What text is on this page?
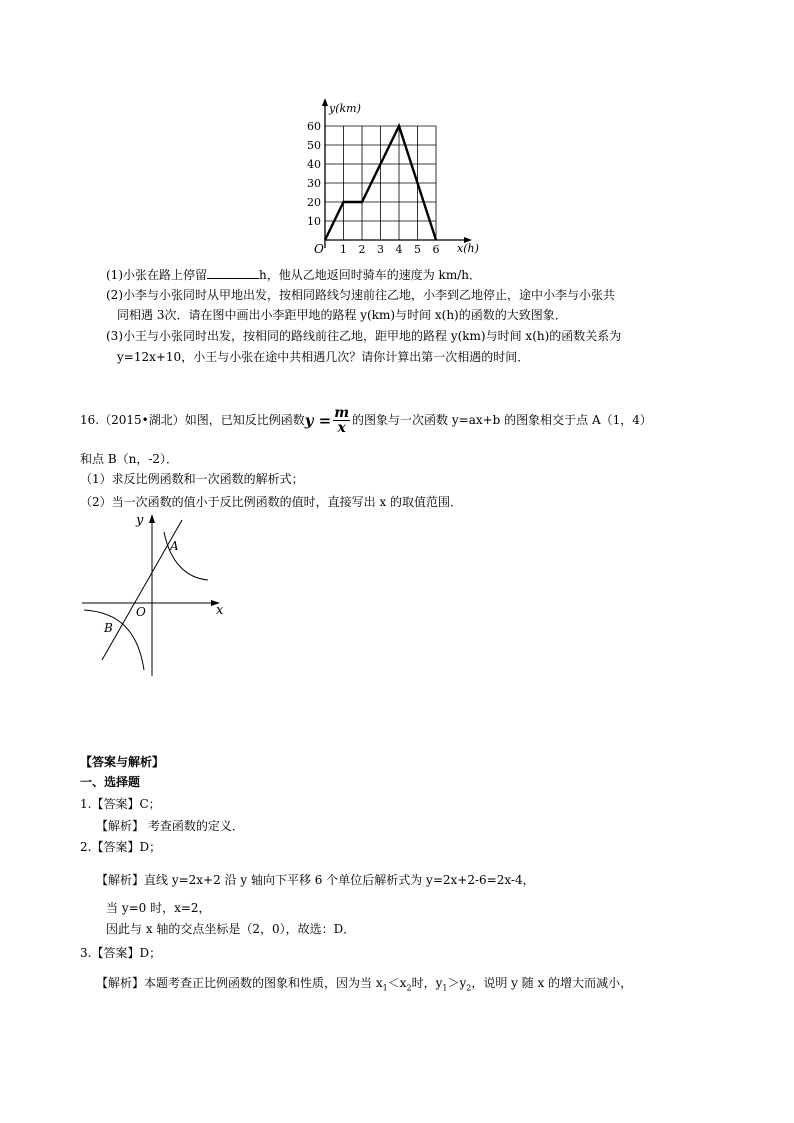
10
20
30
40
50
60
1 2 3 4 5 6
y(km)
x(h)
O
(1)小张在路上停留	h，他从乙地返回时骑车的速度为 km/h．
(2)小李与小张同时从甲地出发，按相同路线匀速前往乙地，小李到乙地停止，途中小李与小张共
同相遇 3次．请在图中画出小李距甲地的路程 y(km)与时间 x(h)的函数的大致图象．
(3)小王与小张同时出发，按相同的路线前往乙地，距甲地的路程 y(km)与时间 x(h)的函数关系为
y=12x+10，小王与小张在途中共相遇几次？请你计算出第一次相遇的时间．
16.（2015•湖北）如图，已知反比例函数$y = \frac{m}{x}$ 的图象与一次函数 y=ax+b 的图象相交于点 A（1，4）
和点 B（n，-2）．
（1）求反比例函数和一次函数的解析式；
（2）当一次函数的值小于反比例函数的值时，直接写出 x 的取值范围．
y
x
O
A
B
【答案与解析】
一、选择题
1.【答案】C；
【解析】 考查函数的定义．
2.【答案】D；
【解析】直线 y=2x+2 沿 y 轴向下平移 6 个单位后解析式为 y=2x+2-6=2x-4，
当 y=0 时，x=2，
因此与 x 轴的交点坐标是（2，0），故选：D．
3.【答案】D；
【解析】本题考查正比例函数的图象和性质，因为当 $x_1<x_2$时，$y_1>y_2$，说明 y 随 x 的增大而减小，
